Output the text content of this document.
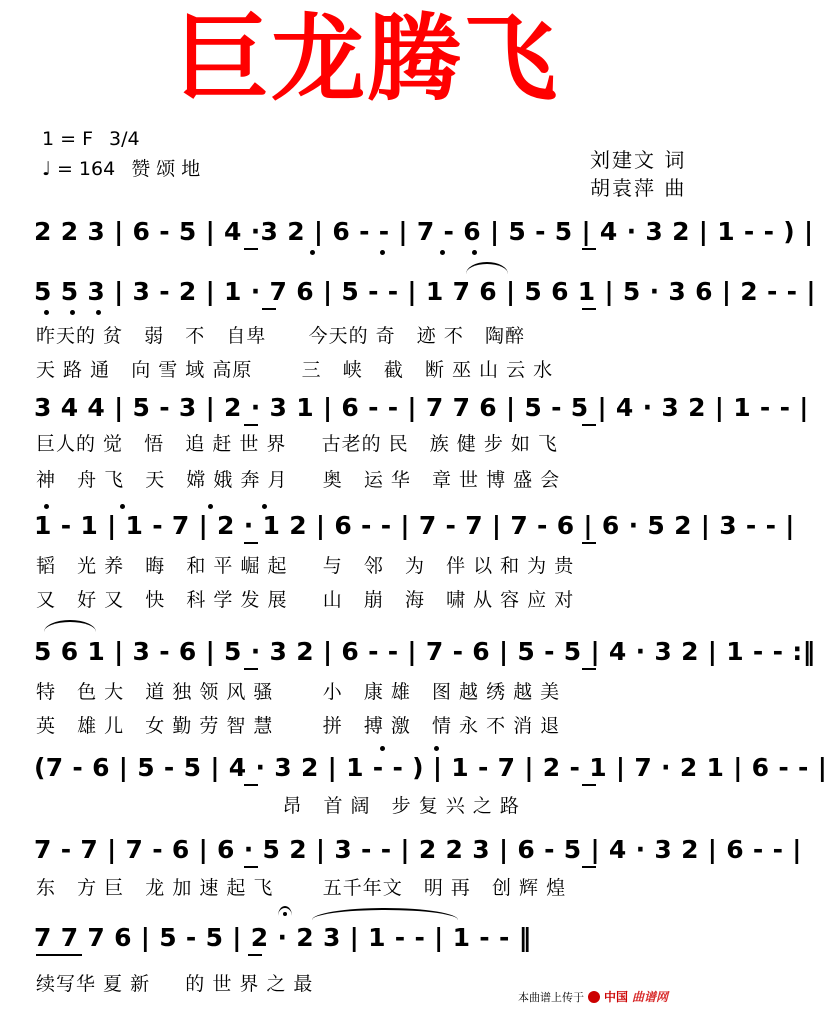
巨龙腾飞
1 = F 3/4
♩ = 164 赞 颂 地	刘建文 词
胡袁萍 曲
2 2 3 | 6 - 5 | 4 ·3 2 | 6 - - | 7 - 6 | 5 - 5 | 4 · 3 2 | 1 - - ) |
5 5 3 | 3 - 2 | 1 · 7 6 | 5 - - | 1 7 6 | 5 6 1 | 5 · 3 6 | 2 - - |
昨天的 贫   弱   不   自卑      今天的 奇   迹 不   陶醉
天 路 通   向 雪 域 高原       三   峡   截   断 巫 山 云 水
3 4 4 | 5 - 3 | 2 · 3 1 | 6 - - | 7 7 6 | 5 - 5 | 4 · 3 2 | 1 - - |
巨人的 觉   悟   追 赶 世 界     古老的 民   族 健 步 如 飞
神   舟 飞   天   嫦 娥 奔 月     奥   运 华   章 世 博 盛 会
1 - 1 | 1 - 7 | 2 · 1 2 | 6 - - | 7 - 7 | 7 - 6 | 6 · 5 2 | 3 - - |
韬   光 养   晦   和 平 崛 起     与   邻   为   伴 以 和 为 贵
又   好 又   快   科 学 发 展     山   崩   海   啸 从 容 应 对
5 6 1 | 3 - 6 | 5 · 3 2 | 6 - - | 7 - 6 | 5 - 5 | 4 · 3 2 | 1 - - :‖
特   色 大   道 独 领 风 骚       小   康 雄   图 越 绣 越 美
英   雄 儿   女 勤 劳 智 慧       拼   搏 激   情 永 不 消 退
(7 - 6 | 5 - 5 | 4 · 3 2 | 1 - - ) | 1 - 7 | 2 - 1 | 7 · 2 1 | 6 - - |
昂   首 阔   步 复 兴 之 路
7 - 7 | 7 - 6 | 6 · 5 2 | 3 - - | 2 2 3 | 6 - 5 | 4 · 3 2 | 6 - - |
东   方 巨   龙 加 速 起 飞       五千年文   明 再   创 辉 煌
7 7 7 6 | 5 - 5 | 2 · 2 3 | 1 - - | 1 - - ‖
续写华 夏 新     的 世 界 之 最
本曲谱上传于 中国 曲谱网
